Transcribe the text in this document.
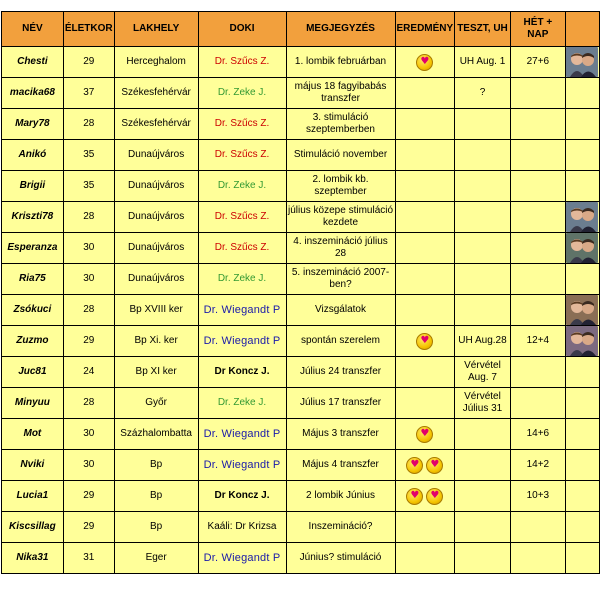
NÉV	ÉLETKOR	LAKHELY	DOKI	MEGJEGYZÉS	EREDMÉNY	TESZT, UH	HÉT + NAP	
Chesti	29	Herceghalom	Dr. Szűcs Z.	1. lombik februárban	♥	UH Aug. 1	27+6	

macika68	37	Székesfehérvár	Dr. Zeke J.	május 18 fagyibabás transzfer		?		
Mary78	28	Székesfehérvár	Dr. Szűcs Z.	3. stimuláció szeptemberben				
Anikó	35	Dunaújváros	Dr. Szűcs Z.	Stimuláció november				
Brigii	35	Dunaújváros	Dr. Zeke J.	2. lombik kb. szeptember				
Kriszti78	28	Dunaújváros	Dr. Szűcs Z.	július közepe stimuláció kezdete				

Esperanza	30	Dunaújváros	Dr. Szűcs Z.	4. inszemináció július 28				

Ria75	30	Dunaújváros	Dr. Zeke J.	5. inszemináció 2007-ben?				
Zsókuci	28	Bp XVIII ker	Dr. Wiegandt P	Vizsgálatok				

Zuzmo	29	Bp Xi. ker	Dr. Wiegandt P	spontán szerelem	♥	UH Aug.28	12+4	

Juc81	24	Bp XI ker	Dr Koncz J.	Július 24 transzfer		Vérvétel Aug. 7		
Minyuu	28	Győr	Dr. Zeke J.	Július 17 transzfer		Vérvétel Július 31		
Mot	30	Százhalombatta	Dr. Wiegandt P	Május 3 transzfer	♥		14+6	
Nviki	30	Bp	Dr. Wiegandt P	Május 4 transzfer	♥ ♥		14+2	
Lucia1	29	Bp	Dr Koncz J.	2 lombik Június	♥ ♥		10+3	
Kiscsillag	29	Bp	Kaáli: Dr Krizsa	Inszemináció?				
Nika31	31	Eger	Dr. Wiegandt P	Június? stimuláció				
